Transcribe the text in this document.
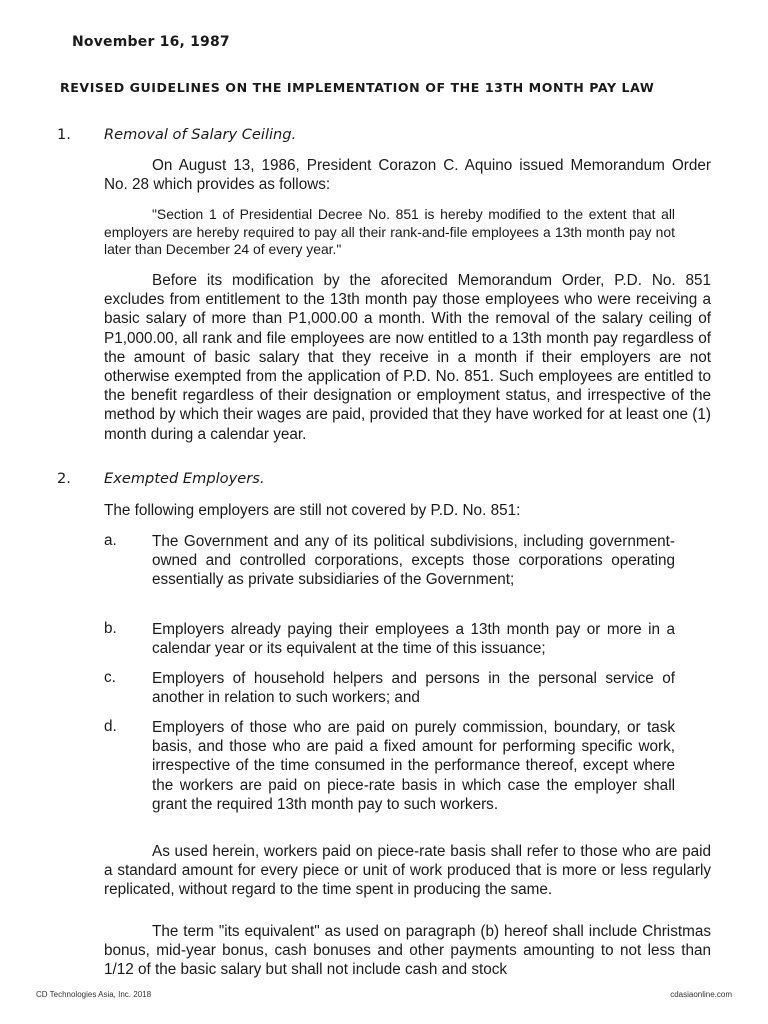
November 16, 1987
REVISED GUIDELINES ON THE IMPLEMENTATION OF THE 13TH MONTH PAY LAW
1. Removal of Salary Ceiling.
On August 13, 1986, President Corazon C. Aquino issued Memorandum Order No. 28 which provides as follows:
"Section 1 of Presidential Decree No. 851 is hereby modified to the extent that all employers are hereby required to pay all their rank-and-file employees a 13th month pay not later than December 24 of every year."
Before its modification by the aforecited Memorandum Order, P.D. No. 851 excludes from entitlement to the 13th month pay those employees who were receiving a basic salary of more than P1,000.00 a month. With the removal of the salary ceiling of P1,000.00, all rank and file employees are now entitled to a 13th month pay regardless of the amount of basic salary that they receive in a month if their employers are not otherwise exempted from the application of P.D. No. 851. Such employees are entitled to the benefit regardless of their designation or employment status, and irrespective of the method by which their wages are paid, provided that they have worked for at least one (1) month during a calendar year.
2. Exempted Employers.
The following employers are still not covered by P.D. No. 851:
a. The Government and any of its political subdivisions, including government-owned and controlled corporations, excepts those corporations operating essentially as private subsidiaries of the Government;
b. Employers already paying their employees a 13th month pay or more in a calendar year or its equivalent at the time of this issuance;
c. Employers of household helpers and persons in the personal service of another in relation to such workers; and
d. Employers of those who are paid on purely commission, boundary, or task basis, and those who are paid a fixed amount for performing specific work, irrespective of the time consumed in the performance thereof, except where the workers are paid on piece-rate basis in which case the employer shall grant the required 13th month pay to such workers.
As used herein, workers paid on piece-rate basis shall refer to those who are paid a standard amount for every piece or unit of work produced that is more or less regularly replicated, without regard to the time spent in producing the same.
The term "its equivalent" as used on paragraph (b) hereof shall include Christmas bonus, mid-year bonus, cash bonuses and other payments amounting to not less than 1/12 of the basic salary but shall not include cash and stock
CD Technologies Asia, Inc. 2018	cdasiaonline.com
